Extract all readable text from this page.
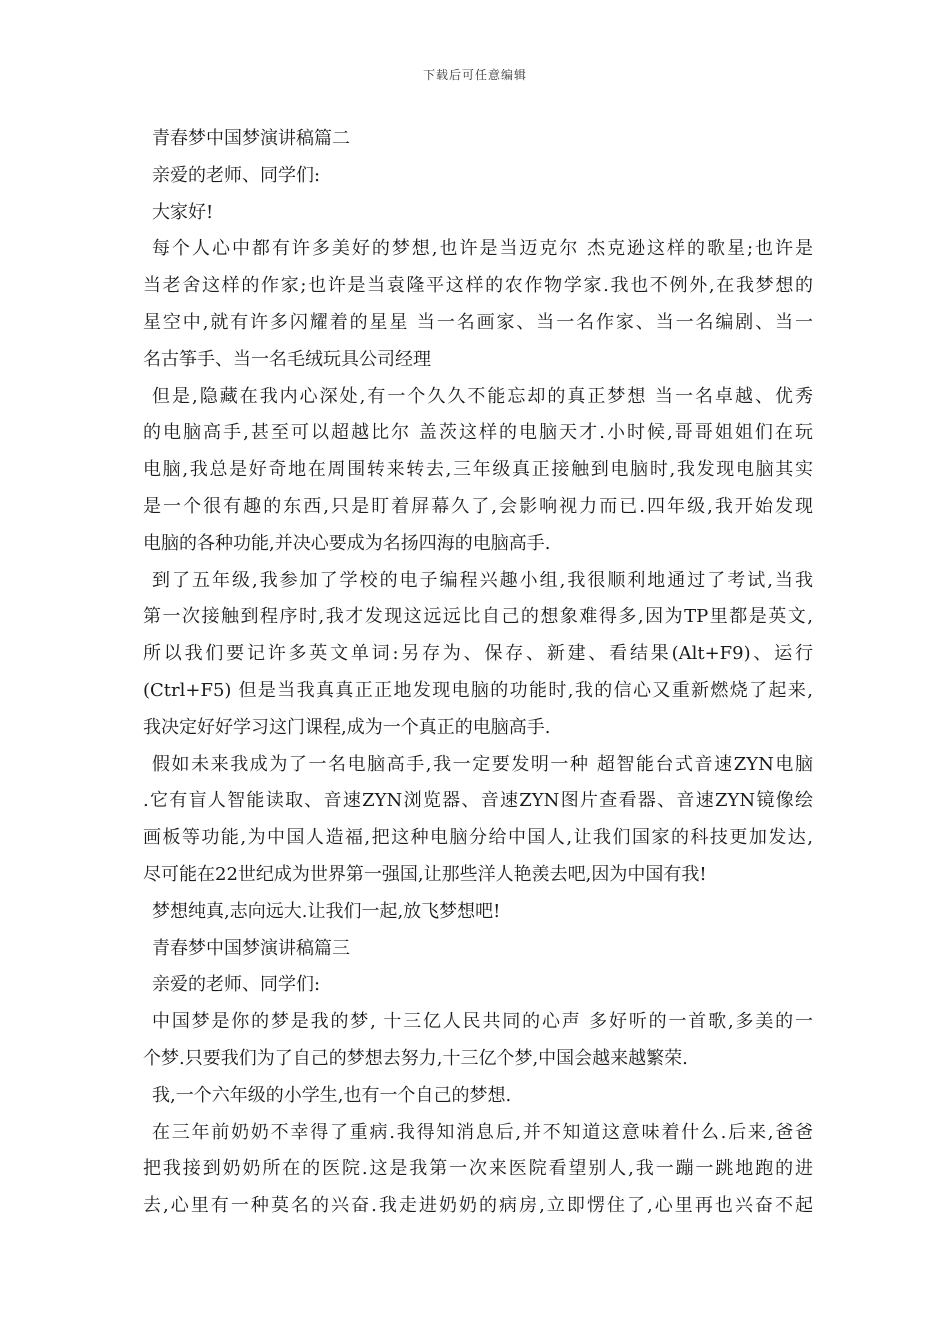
下载后可任意编辑
青春梦中国梦演讲稿篇二
亲爱的老师、同学们:
大家好!
每个人心中都有许多美好的梦想,也许是当迈克尔 杰克逊这样的歌星;也许是
当老舍这样的作家;也许是当袁隆平这样的农作物学家.我也不例外,在我梦想的
星空中,就有许多闪耀着的星星 当一名画家、当一名作家、当一名编剧、当一
名古筝手、当一名毛绒玩具公司经理
但是,隐藏在我内心深处,有一个久久不能忘却的真正梦想 当一名卓越、优秀
的电脑高手,甚至可以超越比尔 盖茨这样的电脑天才.小时候,哥哥姐姐们在玩
电脑,我总是好奇地在周围转来转去,三年级真正接触到电脑时,我发现电脑其实
是一个很有趣的东西,只是盯着屏幕久了,会影响视力而已.四年级,我开始发现
电脑的各种功能,并决心要成为名扬四海的电脑高手.
到了五年级,我参加了学校的电子编程兴趣小组,我很顺利地通过了考试,当我
第一次接触到程序时,我才发现这远远比自己的想象难得多,因为TP里都是英文,
所以我们要记许多英文单词:另存为、保存、新建、看结果(Alt+F9)、运行
(Ctrl+F5) 但是当我真真正正地发现电脑的功能时,我的信心又重新燃烧了起来,
我决定好好学习这门课程,成为一个真正的电脑高手.
假如未来我成为了一名电脑高手,我一定要发明一种 超智能台式音速ZYN电脑
.它有盲人智能读取、音速ZYN浏览器、音速ZYN图片查看器、音速ZYN镜像绘
画板等功能,为中国人造福,把这种电脑分给中国人,让我们国家的科技更加发达,
尽可能在22世纪成为世界第一强国,让那些洋人艳羡去吧,因为中国有我!
梦想纯真,志向远大.让我们一起,放飞梦想吧!
青春梦中国梦演讲稿篇三
亲爱的老师、同学们:
中国梦是你的梦是我的梦, 十三亿人民共同的心声 多好听的一首歌,多美的一
个梦.只要我们为了自己的梦想去努力,十三亿个梦,中国会越来越繁荣.
我,一个六年级的小学生,也有一个自己的梦想.
在三年前奶奶不幸得了重病.我得知消息后,并不知道这意味着什么.后来,爸爸
把我接到奶奶所在的医院.这是我第一次来医院看望别人,我一蹦一跳地跑的进
去,心里有一种莫名的兴奋.我走进奶奶的病房,立即愣住了,心里再也兴奋不起
